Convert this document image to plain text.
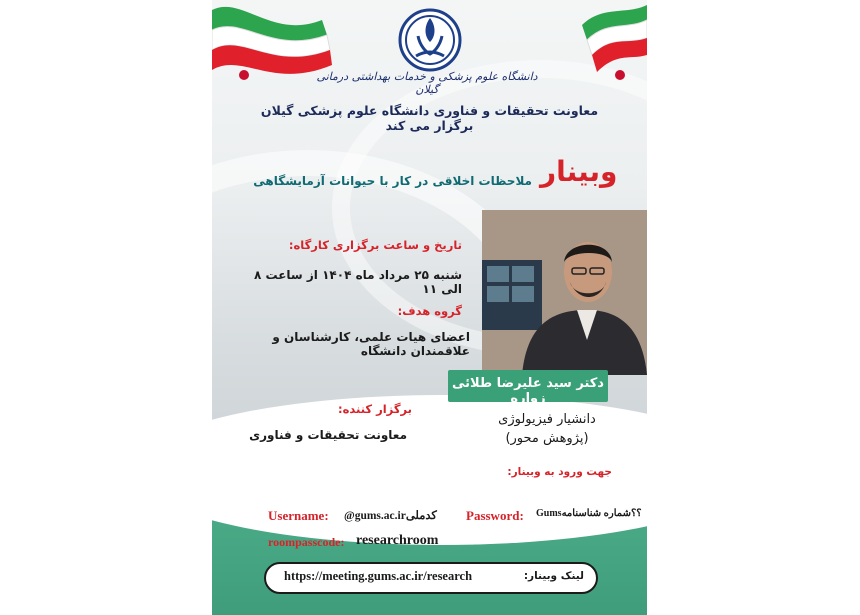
دانشگاه علوم پزشکی و خدمات بهداشتی درمانی گیلان
معاونت تحقیقات و فناوری دانشگاه علوم پزشکی گیلان برگزار می کند
وبینار
ملاحظات اخلاقی در کار با حیوانات آزمایشگاهی
تاریخ و ساعت برگزاری کارگاه:
شنبه ۲۵ مرداد ماه ۱۴۰۴ از ساعت ۸ الی ۱۱
گروه هدف:
اعضای هیات علمی، کارشناسان و علاقمندان دانشگاه
برگزار کننده:
معاونت تحقیقات و فناوری
دکتر سید علیرضا طلائی زواره
دانشیار فیزیولوژی
(پژوهش محور)
جهت ورود به وبینار:
Username: @gums.ac.irکدملی Password: Gums؟؟شماره شناسنامه
roompasscode: researchroom
https://meeting.gums.ac.ir/research	لینک وبینار:
